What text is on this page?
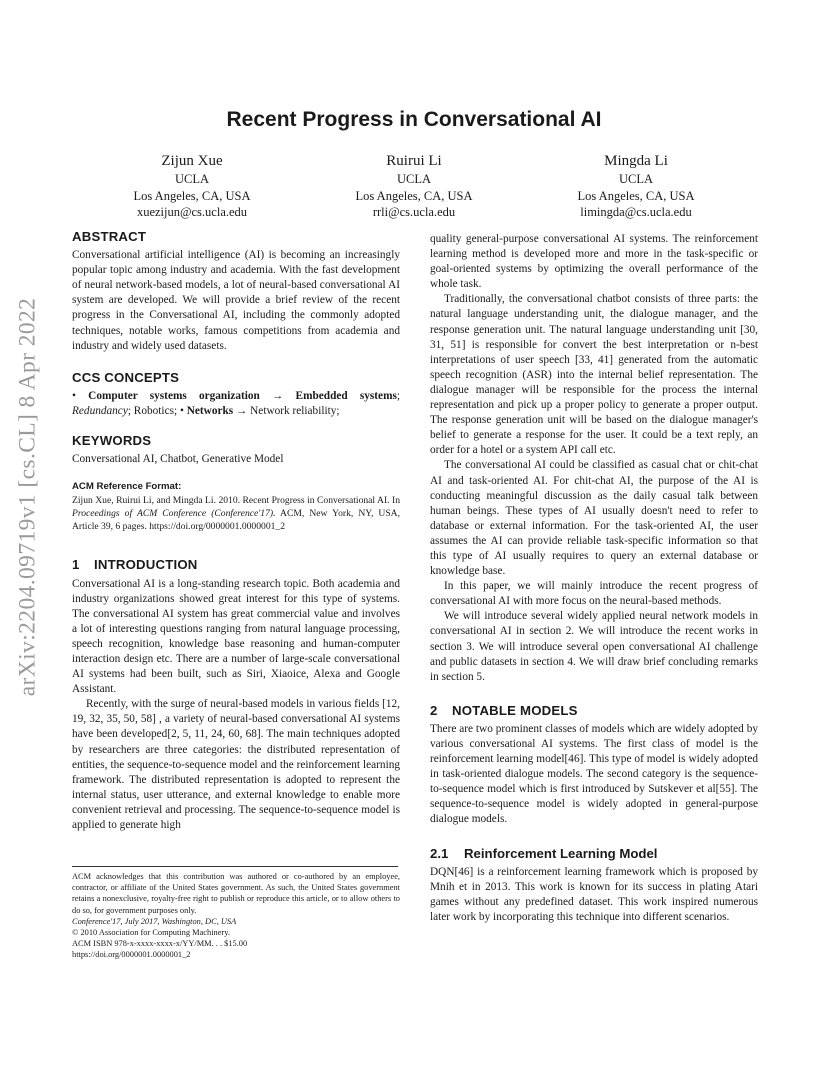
arXiv:2204.09719v1 [cs.CL] 8 Apr 2022
Recent Progress in Conversational AI
Zijun Xue
UCLA
Los Angeles, CA, USA
xuezijun@cs.ucla.edu
Ruirui Li
UCLA
Los Angeles, CA, USA
rrli@cs.ucla.edu
Mingda Li
UCLA
Los Angeles, CA, USA
limingda@cs.ucla.edu
ABSTRACT

Conversational artificial intelligence (AI) is becoming an increasingly popular topic among industry and academia. With the fast development of neural network-based models, a lot of neural-based conversational AI system are developed. We will provide a brief review of the recent progress in the Conversational AI, including the commonly adopted techniques, notable works, famous competitions from academia and industry and widely used datasets.

CCS CONCEPTS

• Computer systems organization → Embedded systems; Redundancy; Robotics; • Networks → Network reliability;

KEYWORDS

Conversational AI, Chatbot, Generative Model

ACM Reference Format:

Zijun Xue, Ruirui Li, and Mingda Li. 2010. Recent Progress in Conversational AI. In Proceedings of ACM Conference (Conference'17). ACM, New York, NY, USA, Article 39, 6 pages. https://doi.org/0000001.0000001_2

1 INTRODUCTION

Conversational AI is a long-standing research topic. Both academia and industry organizations showed great interest for this type of systems. The conversational AI system has great commercial value and involves a lot of interesting questions ranging from natural language processing, speech recognition, knowledge base reasoning and human-computer interaction design etc. There are a number of large-scale conversational AI systems had been built, such as Siri, Xiaoice, Alexa and Google Assistant.

Recently, with the surge of neural-based models in various fields [12, 19, 32, 35, 50, 58] , a variety of neural-based conversational AI systems have been developed[2, 5, 11, 24, 60, 68]. The main techniques adopted by researchers are three categories: the distributed representation of entities, the sequence-to-sequence model and the reinforcement learning framework. The distributed representation is adopted to represent the internal status, user utterance, and external knowledge to enable more convenient retrieval and processing. The sequence-to-sequence model is applied to generate high

ACM acknowledges that this contribution was authored or co-authored by an employee, contractor, or affiliate of the United States government. As such, the United States government retains a nonexclusive, royalty-free right to publish or reproduce this article, or to allow others to do so, for government purposes only.

Conference'17, July 2017, Washington, DC, USA

© 2010 Association for Computing Machinery.

ACM ISBN 978-x-xxxx-xxxx-x/YY/MM. . . $15.00

https://doi.org/0000001.0000001_2

quality general-purpose conversational AI systems. The reinforcement learning method is developed more and more in the task-specific or goal-oriented systems by optimizing the overall performance of the whole task.

Traditionally, the conversational chatbot consists of three parts: the natural language understanding unit, the dialogue manager, and the response generation unit. The natural language understanding unit [30, 31, 51] is responsible for convert the best interpretation or n-best interpretations of user speech [33, 41] generated from the automatic speech recognition (ASR) into the internal belief representation. The dialogue manager will be responsible for the process the internal representation and pick up a proper policy to generate a proper output. The response generation unit will be based on the dialogue manager's belief to generate a response for the user. It could be a text reply, an order for a hotel or a system API call etc.

The conversational AI could be classified as casual chat or chit-chat AI and task-oriented AI. For chit-chat AI, the purpose of the AI is conducting meaningful discussion as the daily casual talk between human beings. These types of AI usually doesn't need to refer to database or external information. For the task-oriented AI, the user assumes the AI can provide reliable task-specific information so that this type of AI usually requires to query an external database or knowledge base.

In this paper, we will mainly introduce the recent progress of conversational AI with more focus on the neural-based methods.

We will introduce several widely applied neural network models in conversational AI in section 2. We will introduce the recent works in section 3. We will introduce several open conversational AI challenge and public datasets in section 4. We will draw brief concluding remarks in section 5.

2 NOTABLE MODELS

There are two prominent classes of models which are widely adopted by various conversational AI systems. The first class of model is the reinforcement learning model[46]. This type of model is widely adopted in task-oriented dialogue models. The second category is the sequence-to-sequence model which is first introduced by Sutskever et al[55]. The sequence-to-sequence model is widely adopted in general-purpose dialogue models.

2.1 Reinforcement Learning Model

DQN[46] is a reinforcement learning framework which is proposed by Mnih et in 2013. This work is known for its success in plating Atari games without any predefined dataset. This work inspired numerous later work by incorporating this technique into different scenarios.
